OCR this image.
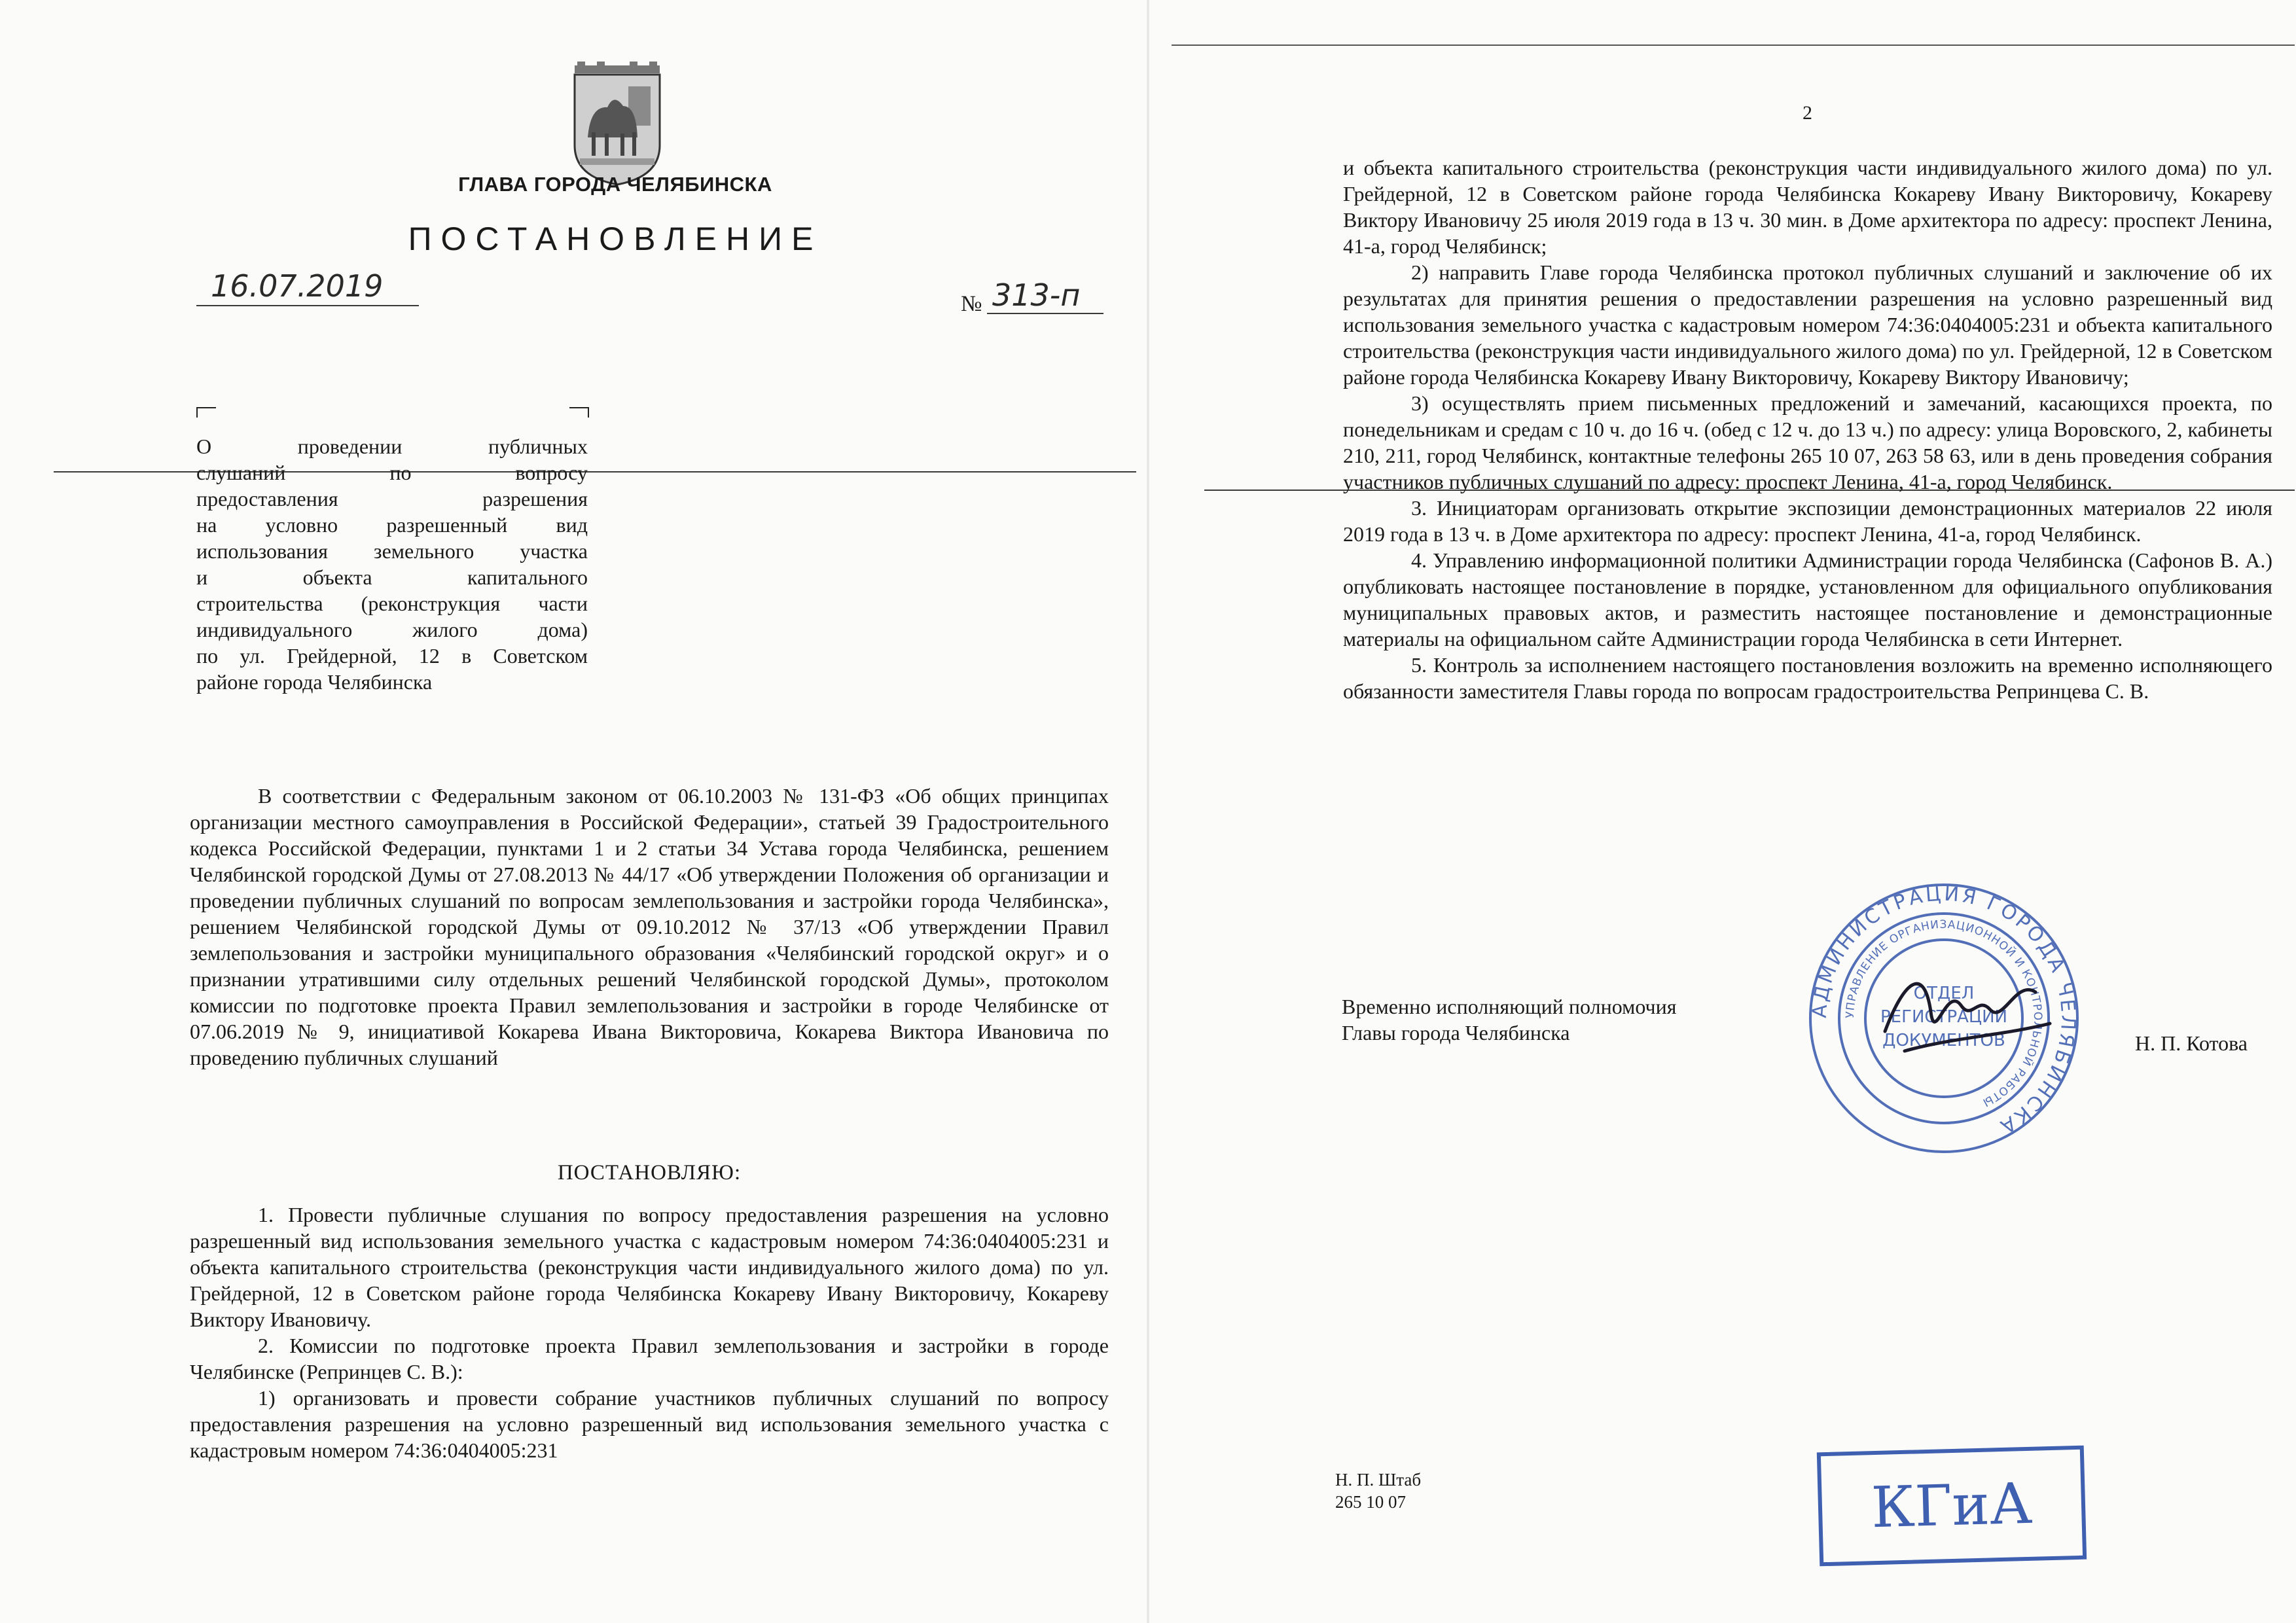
ГЛАВА ГОРОДА ЧЕЛЯБИНСКА
ПОСТАНОВЛЕНИЕ
16.07.2019
№ 313-п
О проведении публичных
слушаний по вопросу
предоставления разрешения
на условно разрешенный вид
использования земельного участка
и объекта капитального
строительства (реконструкция части
индивидуального жилого дома)
по ул. Грейдерной, 12 в Советском
районе города Челябинска

В соответствии с Федеральным законом от 06.10.2003 № 131-ФЗ «Об общих принципах организации местного самоуправления в Российской Федерации», статьей 39 Градостроительного кодекса Российской Федерации, пунктами 1 и 2 статьи 34 Устава города Челябинска, решением Челябинской городской Думы от 27.08.2013 № 44/17 «Об утверждении Положения об организации и проведении публичных слушаний по вопросам землепользования и застройки города Челябинска», решением Челябинской городской Думы от 09.10.2012 № 37/13 «Об утверждении Правил землепользования и застройки муниципального образования «Челябинский городской округ» и о признании утратившими силу отдельных решений Челябинской городской Думы», протоколом комиссии по подготовке проекта Правил землепользования и застройки в городе Челябинске от 07.06.2019 № 9, инициативой Кокарева Ивана Викторовича, Кокарева Виктора Ивановича по проведению публичных слушаний

ПОСТАНОВЛЯЮ:

1. Провести публичные слушания по вопросу предоставления разрешения на условно разрешенный вид использования земельного участка с кадастровым номером 74:36:0404005:231 и объекта капитального строительства (реконструкция части индивидуального жилого дома) по ул. Грейдерной, 12 в Советском районе города Челябинска Кокареву Ивану Викторовичу, Кокареву Виктору Ивановичу.

2. Комиссии по подготовке проекта Правил землепользования и застройки в городе Челябинске (Репринцев С. В.):

1) организовать и провести собрание участников публичных слушаний по вопросу предоставления разрешения на условно разрешенный вид использования земельного участка с кадастровым номером 74:36:0404005:231

2

и объекта капитального строительства (реконструкция части индивидуального жилого дома) по ул. Грейдерной, 12 в Советском районе города Челябинска Кокареву Ивану Викторовичу, Кокареву Виктору Ивановичу 25 июля 2019 года в 13 ч. 30 мин. в Доме архитектора по адресу: проспект Ленина, 41-а, город Челябинск;

2) направить Главе города Челябинска протокол публичных слушаний и заключение об их результатах для принятия решения о предоставлении разрешения на условно разрешенный вид использования земельного участка с кадастровым номером 74:36:0404005:231 и объекта капитального строительства (реконструкция части индивидуального жилого дома) по ул. Грейдерной, 12 в Советском районе города Челябинска Кокареву Ивану Викторовичу, Кокареву Виктору Ивановичу;

3) осуществлять прием письменных предложений и замечаний, касающихся проекта, по понедельникам и средам с 10 ч. до 16 ч. (обед с 12 ч. до 13 ч.) по адресу: улица Воровского, 2, кабинеты 210, 211, город Челябинск, контактные телефоны 265 10 07, 263 58 63, или в день проведения собрания участников публичных слушаний по адресу: проспект Ленина, 41-а, город Челябинск.

3. Инициаторам организовать открытие экспозиции демонстрационных материалов 22 июля 2019 года в 13 ч. в Доме архитектора по адресу: проспект Ленина, 41-а, город Челябинск.

4. Управлению информационной политики Администрации города Челябинска (Сафонов В. А.) опубликовать настоящее постановление в порядке, установленном для официального опубликования муниципальных правовых актов, и разместить настоящее постановление и демонстрационные материалы на официальном сайте Администрации города Челябинска в сети Интернет.

5. Контроль за исполнением настоящего постановления возложить на временно исполняющего обязанности заместителя Главы города по вопросам градостроительства Репринцева С. В.

Временно исполняющий полномочия
Главы города Челябинска	Н. П. Котова
АДМИНИСТРАЦИЯ ГОРОДА ЧЕЛЯБИНСКА
УПРАВЛЕНИЕ ОРГАНИЗАЦИОННОЙ И КОНТРОЛЬНОЙ РАБОТЫ
ОТДЕЛ
РЕГИСТРАЦИИ
ДОКУМЕНТОВ
Н. П. Штаб
265 10 07	КГиА
